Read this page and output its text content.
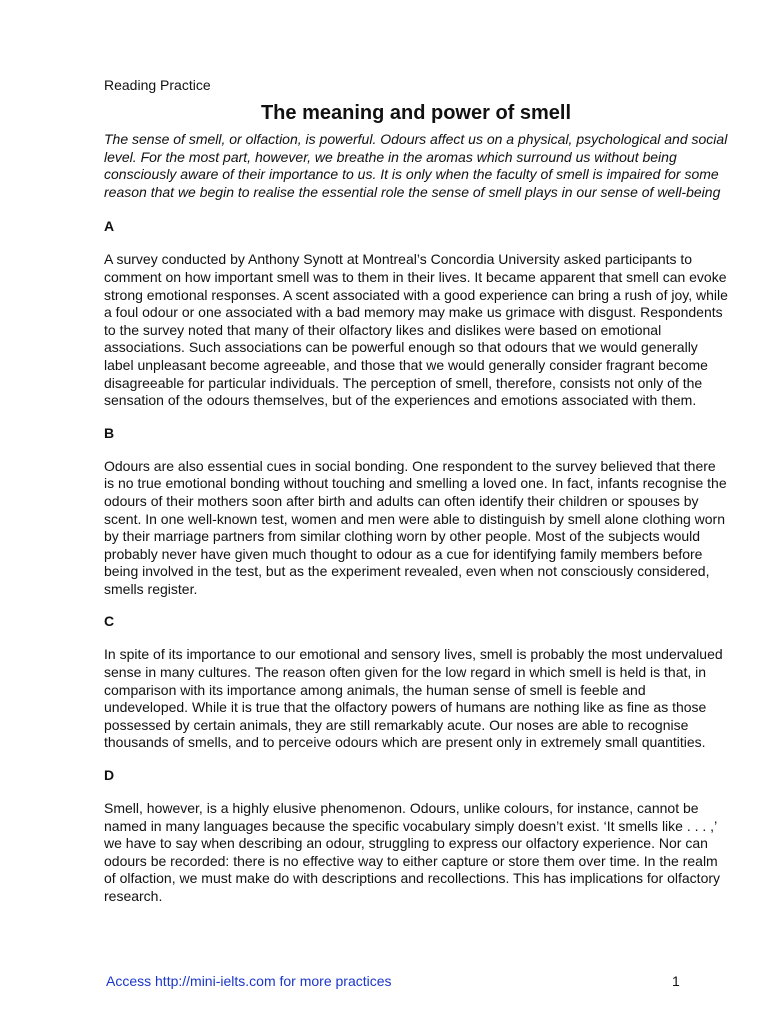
Reading Practice
The meaning and power of smell
The sense of smell, or olfaction, is powerful. Odours affect us on a physical, psychological and social level. For the most part, however, we breathe in the aromas which surround us without being consciously aware of their importance to us. It is only when the faculty of smell is impaired for some reason that we begin to realise the essential role the sense of smell plays in our sense of well-being
A
A survey conducted by Anthony Synott at Montreal’s Concordia University asked participants to comment on how important smell was to them in their lives. It became apparent that smell can evoke strong emotional responses. A scent associated with a good experience can bring a rush of joy, while a foul odour or one associated with a bad memory may make us grimace with disgust. Respondents to the survey noted that many of their olfactory likes and dislikes were based on emotional associations. Such associations can be powerful enough so that odours that we would generally label unpleasant become agreeable, and those that we would generally consider fragrant become disagreeable for particular individuals. The perception of smell, therefore, consists not only of the sensation of the odours themselves, but of the experiences and emotions associated with them.
B
Odours are also essential cues in social bonding. One respondent to the survey believed that there is no true emotional bonding without touching and smelling a loved one. In fact, infants recognise the odours of their mothers soon after birth and adults can often identify their children or spouses by scent. In one well-known test, women and men were able to distinguish by smell alone clothing worn by their marriage partners from similar clothing worn by other people. Most of the subjects would probably never have given much thought to odour as a cue for identifying family members before being involved in the test, but as the experiment revealed, even when not consciously considered, smells register.
C
In spite of its importance to our emotional and sensory lives, smell is probably the most undervalued sense in many cultures. The reason often given for the low regard in which smell is held is that, in comparison with its importance among animals, the human sense of smell is feeble and undeveloped. While it is true that the olfactory powers of humans are nothing like as fine as those possessed by certain animals, they are still remarkably acute. Our noses are able to recognise thousands of smells, and to perceive odours which are present only in extremely small quantities.
D
Smell, however, is a highly elusive phenomenon. Odours, unlike colours, for instance, cannot be named in many languages because the specific vocabulary simply doesn’t exist. ‘It smells like . . . ,’ we have to say when describing an odour, struggling to express our olfactory experience. Nor can odours be recorded: there is no effective way to either capture or store them over time. In the realm of olfaction, we must make do with descriptions and recollections. This has implications for olfactory research.
Access http://mini-ielts.com for more practices	1
